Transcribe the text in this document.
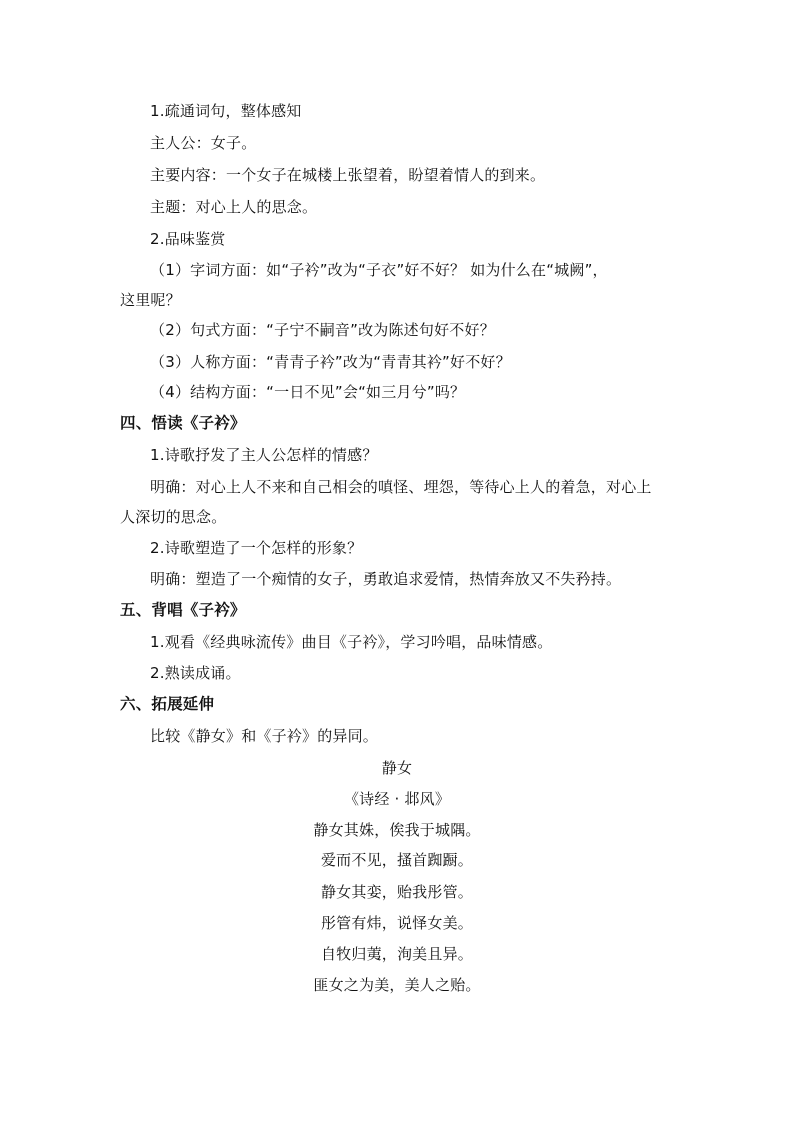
1.疏通词句，整体感知
主人公：女子。
主要内容：一个女子在城楼上张望着，盼望着情人的到来。
主题：对心上人的思念。
2.品味鉴赏
（1）字词方面：如“子衿”改为“子衣”好不好？ 如为什么在“城阙”，
这里呢？
（2）句式方面：“子宁不嗣音”改为陈述句好不好？
（3）人称方面：“青青子衿”改为“青青其衿”好不好？
（4）结构方面：“一日不见”会“如三月兮”吗？
四、悟读《子衿》
1.诗歌抒发了主人公怎样的情感？
明确：对心上人不来和自己相会的嗔怪、埋怨，等待心上人的着急，对心上
人深切的思念。
2.诗歌塑造了一个怎样的形象？
明确：塑造了一个痴情的女子，勇敢追求爱情，热情奔放又不失矜持。
五、背唱《子衿》
1.观看《经典咏流传》曲目《子衿》，学习吟唱，品味情感。
2.熟读成诵。
六、拓展延伸
比较《静女》和《子衿》的异同。
静女
《诗经 · 邶风》
静女其姝，俟我于城隅。
爱而不见，搔首踟蹰。
静女其娈，贻我彤管。
彤管有炜，说怿女美。
自牧归荑，洵美且异。
匪女之为美，美人之贻。
